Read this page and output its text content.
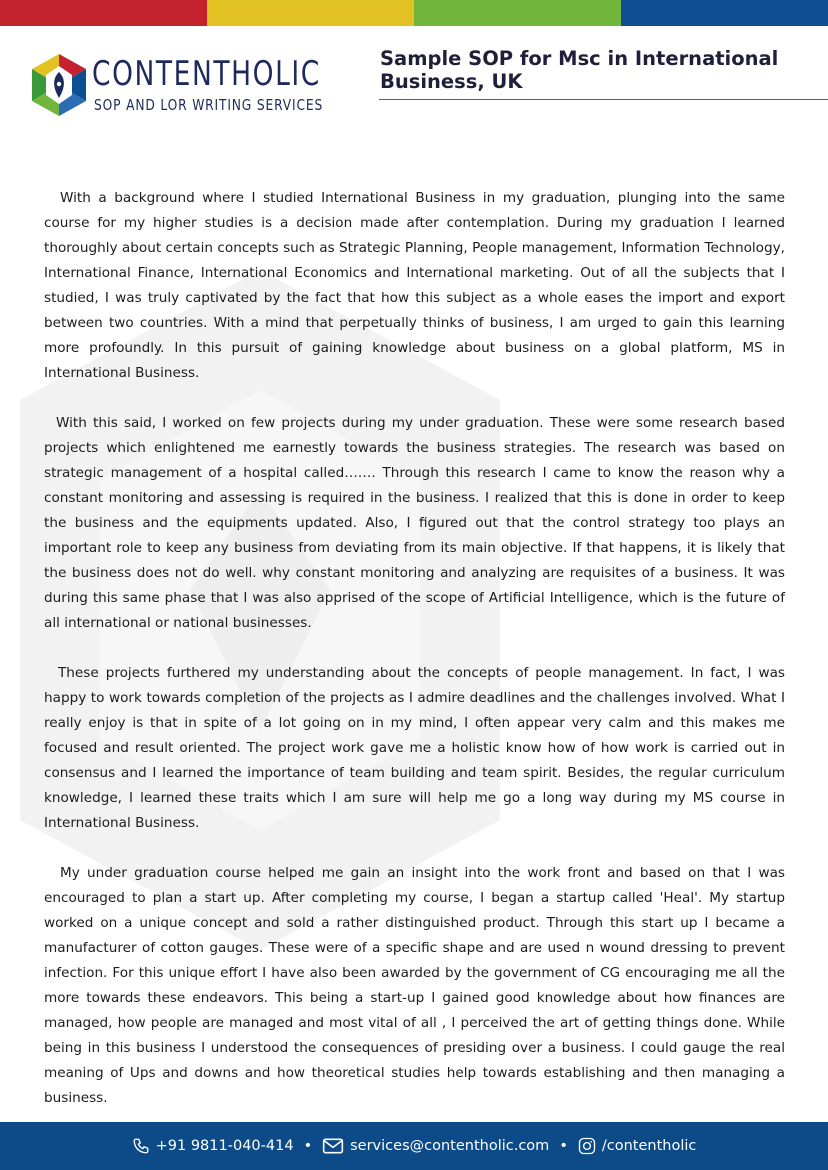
CONTENTHOLIC
SOP AND LOR WRITING SERVICES
Sample SOP for Msc in International Business, UK

With a background where I studied International Business in my graduation, plunging into the same course for my higher studies is a decision made after contemplation. During my graduation I learned thoroughly about certain concepts such as Strategic Planning, People management, Information Technology, International Finance, International Economics and International marketing. Out of all the subjects that I studied, I was truly captivated by the fact that how this subject as a whole eases the import and export between two countries. With a mind that perpetually thinks of business, I am urged to gain this learning more profoundly. In this pursuit of gaining knowledge about business on a global platform, MS in International Business.

With this said, I worked on few projects during my under graduation. These were some research based projects which enlightened me earnestly towards the business strategies. The research was based on strategic management of a hospital called……. Through this research I came to know the reason why a constant monitoring and assessing is required in the business. I realized that this is done in order to keep the business and the equipments updated. Also, I figured out that the control strategy too plays an important role to keep any business from deviating from its main objective. If that happens, it is likely that the business does not do well. why constant monitoring and analyzing are requisites of a business. It was during this same phase that I was also apprised of the scope of Artificial Intelligence, which is the future of all international or national businesses.

These projects furthered my understanding about the concepts of people management. In fact, I was happy to work towards completion of the projects as I admire deadlines and the challenges involved. What I really enjoy is that in spite of a lot going on in my mind, I often appear very calm and this makes me focused and result oriented. The project work gave me a holistic know how of how work is carried out in consensus and I learned the importance of team building and team spirit. Besides, the regular curriculum knowledge, I learned these traits which I am sure will help me go a long way during my MS course in International Business.

My under graduation course helped me gain an insight into the work front and based on that I was encouraged to plan a start up. After completing my course, I began a startup called 'Heal'. My startup worked on a unique concept and sold a rather distinguished product. Through this start up I became a manufacturer of cotton gauges. These were of a specific shape and are used n wound dressing to prevent infection. For this unique effort I have also been awarded by the government of CG encouraging me all the more towards these endeavors. This being a start-up I gained good knowledge about how finances are managed, how people are managed and most vital of all , I perceived the art of getting things done. While being in this business I understood the consequences of presiding over a business. I could gauge the real meaning of Ups and downs and how theoretical studies help towards establishing and then managing a business.

+91 9811-040-414 •	services@contentholic.com • /contentholic
